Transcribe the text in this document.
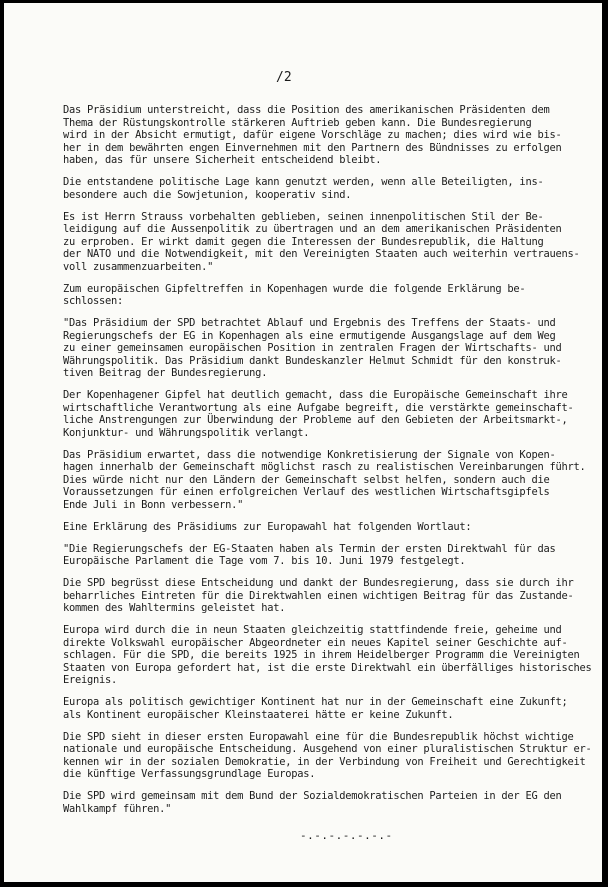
/2

Das Präsidium unterstreicht, dass die Position des amerikanischen Präsidenten dem
Thema der Rüstungskontrolle stärkeren Auftrieb geben kann. Die Bundesregierung
wird in der Absicht ermutigt, dafür eigene Vorschläge zu machen; dies wird wie bis-
her in dem bewährten engen Einvernehmen mit den Partnern des Bündnisses zu erfolgen
haben, das für unsere Sicherheit entscheidend bleibt.

Die entstandene politische Lage kann genutzt werden, wenn alle Beteiligten, ins-
besondere auch die Sowjetunion, kooperativ sind.

Es ist Herrn Strauss vorbehalten geblieben, seinen innenpolitischen Stil der Be-
leidigung auf die Aussenpolitik zu übertragen und an dem amerikanischen Präsidenten
zu erproben. Er wirkt damit gegen die Interessen der Bundesrepublik, die Haltung
der NATO und die Notwendigkeit, mit den Vereinigten Staaten auch weiterhin vertrauens-
voll zusammenzuarbeiten."

Zum europäischen Gipfeltreffen in Kopenhagen wurde die folgende Erklärung be-
schlossen:

"Das Präsidium der SPD betrachtet Ablauf und Ergebnis des Treffens der Staats- und
Regierungschefs der EG in Kopenhagen als eine ermutigende Ausgangslage auf dem Weg
zu einer gemeinsamen europäischen Position in zentralen Fragen der Wirtschafts- und
Währungspolitik. Das Präsidium dankt Bundeskanzler Helmut Schmidt für den konstruk-
tiven Beitrag der Bundesregierung.

Der Kopenhagener Gipfel hat deutlich gemacht, dass die Europäische Gemeinschaft ihre
wirtschaftliche Verantwortung als eine Aufgabe begreift, die verstärkte gemeinschaft-
liche Anstrengungen zur Überwindung der Probleme auf den Gebieten der Arbeitsmarkt-,
Konjunktur- und Währungspolitik verlangt.

Das Präsidium erwartet, dass die notwendige Konkretisierung der Signale von Kopen-
hagen innerhalb der Gemeinschaft möglichst rasch zu realistischen Vereinbarungen führt.
Dies würde nicht nur den Ländern der Gemeinschaft selbst helfen, sondern auch die
Voraussetzungen für einen erfolgreichen Verlauf des westlichen Wirtschaftsgipfels
Ende Juli in Bonn verbessern."

Eine Erklärung des Präsidiums zur Europawahl hat folgenden Wortlaut:

"Die Regierungschefs der EG-Staaten haben als Termin der ersten Direktwahl für das
Europäische Parlament die Tage vom 7. bis 10. Juni 1979 festgelegt.

Die SPD begrüsst diese Entscheidung und dankt der Bundesregierung, dass sie durch ihr
beharrliches Eintreten für die Direktwahlen einen wichtigen Beitrag für das Zustande-
kommen des Wahltermins geleistet hat.

Europa wird durch die in neun Staaten gleichzeitig stattfindende freie, geheime und
direkte Volkswahl europäischer Abgeordneter ein neues Kapitel seiner Geschichte auf-
schlagen. Für die SPD, die bereits 1925 in ihrem Heidelberger Programm die Vereinigten
Staaten von Europa gefordert hat, ist die erste Direktwahl ein überfälliges historisches
Ereignis.

Europa als politisch gewichtiger Kontinent hat nur in der Gemeinschaft eine Zukunft;
als Kontinent europäischer Kleinstaaterei hätte er keine Zukunft.

Die SPD sieht in dieser ersten Europawahl eine für die Bundesrepublik höchst wichtige
nationale und europäische Entscheidung. Ausgehend von einer pluralistischen Struktur er-
kennen wir in der sozialen Demokratie, in der Verbindung von Freiheit und Gerechtigkeit
die künftige Verfassungsgrundlage Europas.

Die SPD wird gemeinsam mit dem Bund der Sozialdemokratischen Parteien in der EG den
Wahlkampf führen."

-.-.-.-.-.-.-
